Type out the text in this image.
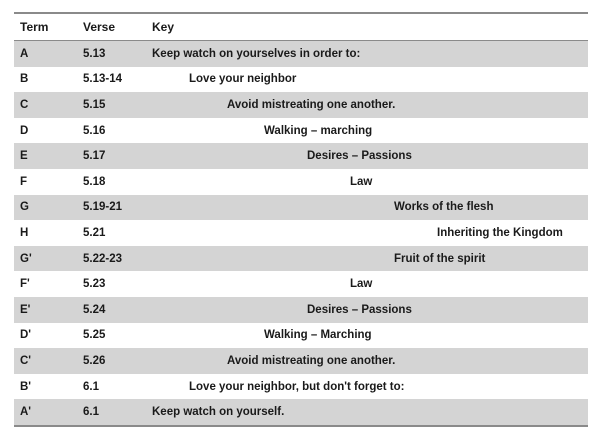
Term	Verse	Key
A	5.13	Keep watch on yourselves in order to:
B	5.13-14	Love your neighbor
C	5.15	Avoid mistreating one another.
D	5.16	Walking – marching
E	5.17	Desires – Passions
F	5.18	Law
G	5.19-21	Works of the flesh
H	5.21	Inheriting the Kingdom
G'	5.22-23	Fruit of the spirit
F'	5.23	Law
E'	5.24	Desires – Passions
D'	5.25	Walking – Marching
C'	5.26	Avoid mistreating one another.
B'	6.1	Love your neighbor, but don't forget to:
A'	6.1	Keep watch on yourself.
